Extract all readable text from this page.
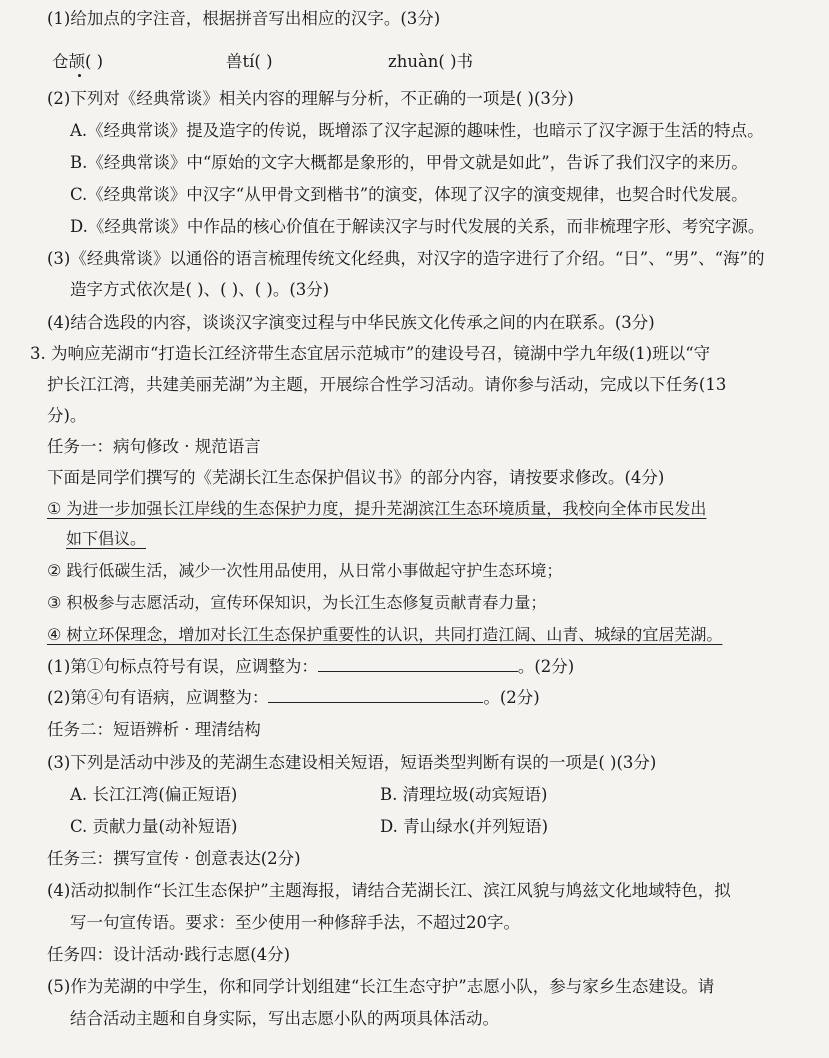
(1)给加点的字注音，根据拼音写出相应的汉字。(3分)
仓颉( )	兽tí( )	zhuàn( )书
(2)下列对《经典常谈》相关内容的理解与分析，不正确的一项是( )(3分)
A.《经典常谈》提及造字的传说，既增添了汉字起源的趣味性，也暗示了汉字源于生活的特点。
B.《经典常谈》中“原始的文字大概都是象形的，甲骨文就是如此”，告诉了我们汉字的来历。
C.《经典常谈》中汉字“从甲骨文到楷书”的演变，体现了汉字的演变规律，也契合时代发展。
D.《经典常谈》中作品的核心价值在于解读汉字与时代发展的关系，而非梳理字形、考究字源。
(3)《经典常谈》以通俗的语言梳理传统文化经典，对汉字的造字进行了介绍。“日”、“男”、“海”的
造字方式依次是( )、( )、( )。(3分)
(4)结合选段的内容，谈谈汉字演变过程与中华民族文化传承之间的内在联系。(3分)
3. 为响应芜湖市“打造长江经济带生态宜居示范城市”的建设号召，镜湖中学九年级(1)班以“守
护长江江湾，共建美丽芜湖”为主题，开展综合性学习活动。请你参与活动，完成以下任务(13
分)。
任务一：病句修改 · 规范语言
下面是同学们撰写的《芜湖长江生态保护倡议书》的部分内容，请按要求修改。(4分)
① 为进一步加强长江岸线的生态保护力度，提升芜湖滨江生态环境质量，我校向全体市民发出
如下倡议。
② 践行低碳生活，减少一次性用品使用，从日常小事做起守护生态环境；
③ 积极参与志愿活动，宣传环保知识，为长江生态修复贡献青春力量；
④ 树立环保理念，增加对长江生态保护重要性的认识，共同打造江阔、山青、城绿的宜居芜湖。
(1)第①句标点符号有误，应调整为：	。(2分)
(2)第④句有语病，应调整为：	。(2分)
任务二：短语辨析 · 理清结构
(3)下列是活动中涉及的芜湖生态建设相关短语，短语类型判断有误的一项是( )(3分)
A. 长江江湾(偏正短语)	B. 清理垃圾(动宾短语)
C. 贡献力量(动补短语)	D. 青山绿水(并列短语)
任务三：撰写宣传 · 创意表达(2分)
(4)活动拟制作“长江生态保护”主题海报，请结合芜湖长江、滨江风貌与鸠兹文化地域特色，拟
写一句宣传语。要求：至少使用一种修辞手法，不超过20字。
任务四：设计活动·践行志愿(4分)
(5)作为芜湖的中学生，你和同学计划组建“长江生态守护”志愿小队，参与家乡生态建设。请
结合活动主题和自身实际，写出志愿小队的两项具体活动。
